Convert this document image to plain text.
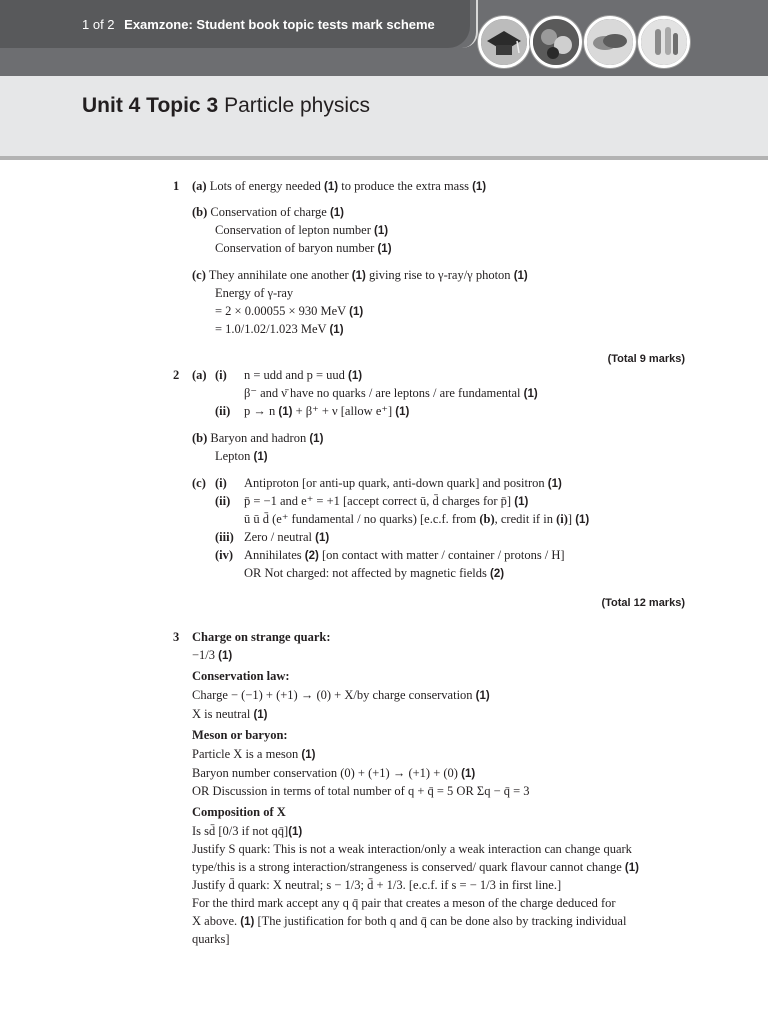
1 of 2 Examzone: Student book topic tests mark scheme
Unit 4 Topic 3 Particle physics
1 (a) Lots of energy needed (1) to produce the extra mass (1)
(b) Conservation of charge (1)
Conservation of lepton number (1)
Conservation of baryon number (1)
(c) They annihilate one another (1) giving rise to γ-ray/γ photon (1)
Energy of γ-ray
= 2 × 0.00055 × 930 MeV (1)
= 1.0/1.02/1.023 MeV (1)
(Total 9 marks)
2 (a) (i) n = udd and p = uud (1)
β⁻ and ν̄ have no quarks / are leptons / are fundamental (1)
(ii) p → n (1) + β⁺ + ν [allow e⁺] (1)
(b) Baryon and hadron (1)
Lepton (1)
(c) (i) Antiproton [or anti-up quark, anti-down quark] and positron (1)
(ii) p̄ = −1 and e⁺ = +1 [accept correct ū, d̄ charges for p̄] (1)
ū ū d̄ (e⁺ fundamental / no quarks) [e.c.f. from (b), credit if in (i)] (1)
(iii) Zero / neutral (1)
(iv) Annihilates (2) [on contact with matter / container / protons / H]
OR Not charged: not affected by magnetic fields (2)
(Total 12 marks)
3 Charge on strange quark:
−1/3 (1)
Conservation law:
Charge − (−1) + (+1) → (0) + X/by charge conservation (1)
X is neutral (1)
Meson or baryon:
Particle X is a meson (1)
Baryon number conservation (0) + (+1) → (+1) + (0) (1)
OR Discussion in terms of total number of q + q̄ = 5 OR Σq − q̄ = 3
Composition of X
Is sd̄ [0/3 if not qq̄](1)
Justify S quark: This is not a weak interaction/only a weak interaction can change quark
type/this is a strong interaction/strangeness is conserved/ quark flavour cannot change (1)
Justify d̄ quark: X neutral; s − 1/3; d̄ + 1/3. [e.c.f. if s = − 1/3 in first line.]
For the third mark accept any q q̄ pair that creates a meson of the charge deduced for
X above. (1) [The justification for both q and q̄ can be done also by tracking individual
quarks]
